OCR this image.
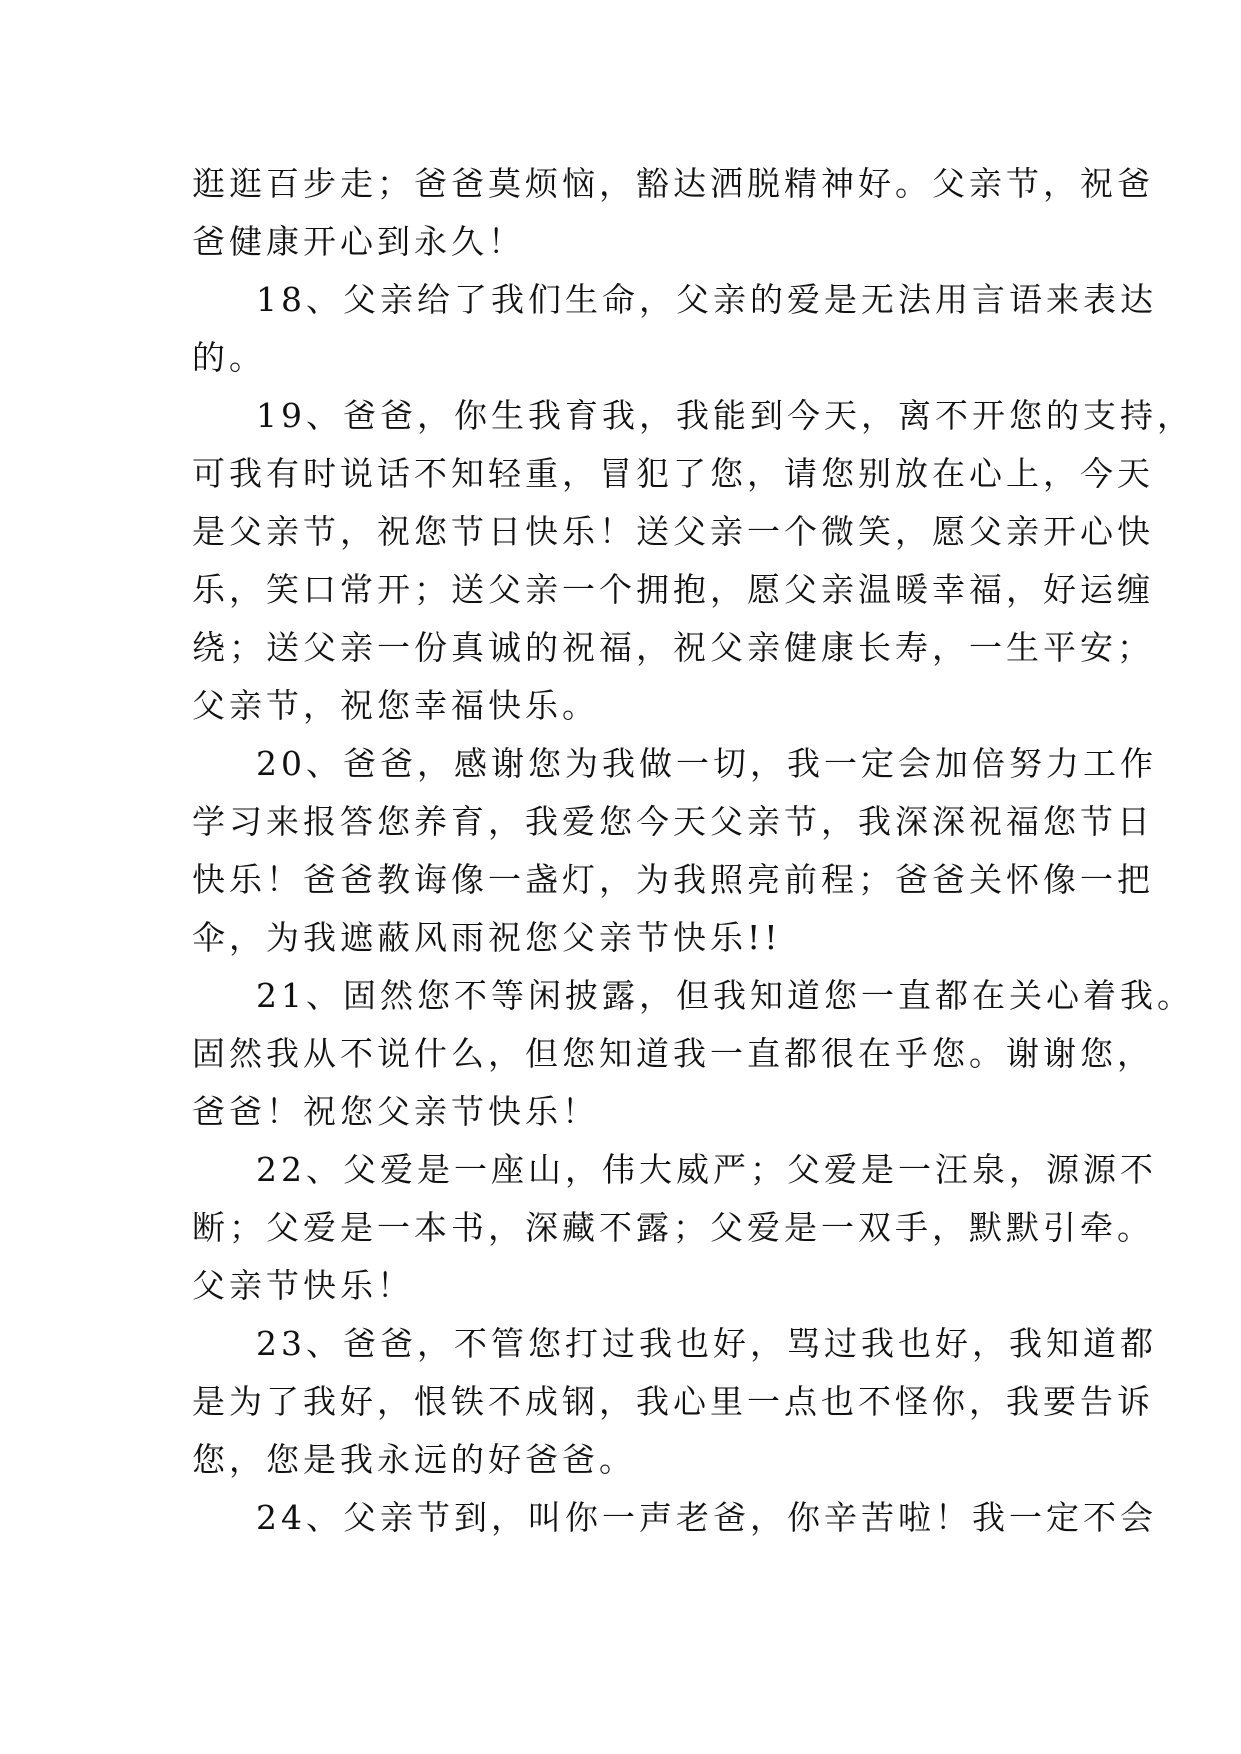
逛逛百步走；爸爸莫烦恼，豁达洒脱精神好。父亲节，祝爸
爸健康开心到永久！
18、父亲给了我们生命，父亲的爱是无法用言语来表达
的。
19、爸爸，你生我育我，我能到今天，离不开您的支持，
可我有时说话不知轻重，冒犯了您，请您别放在心上，今天
是父亲节，祝您节日快乐！送父亲一个微笑，愿父亲开心快
乐，笑口常开；送父亲一个拥抱，愿父亲温暖幸福，好运缠
绕；送父亲一份真诚的祝福，祝父亲健康长寿，一生平安；
父亲节，祝您幸福快乐。
20、爸爸，感谢您为我做一切，我一定会加倍努力工作
学习来报答您养育，我爱您今天父亲节，我深深祝福您节日
快乐！爸爸教诲像一盏灯，为我照亮前程；爸爸关怀像一把
伞，为我遮蔽风雨祝您父亲节快乐!!
21、固然您不等闲披露，但我知道您一直都在关心着我。
固然我从不说什么，但您知道我一直都很在乎您。谢谢您，
爸爸！祝您父亲节快乐！
22、父爱是一座山，伟大威严；父爱是一汪泉，源源不
断；父爱是一本书，深藏不露；父爱是一双手，默默引牵。
父亲节快乐！
23、爸爸，不管您打过我也好，骂过我也好，我知道都
是为了我好，恨铁不成钢，我心里一点也不怪你，我要告诉
您，您是我永远的好爸爸。
24、父亲节到，叫你一声老爸，你辛苦啦！我一定不会
